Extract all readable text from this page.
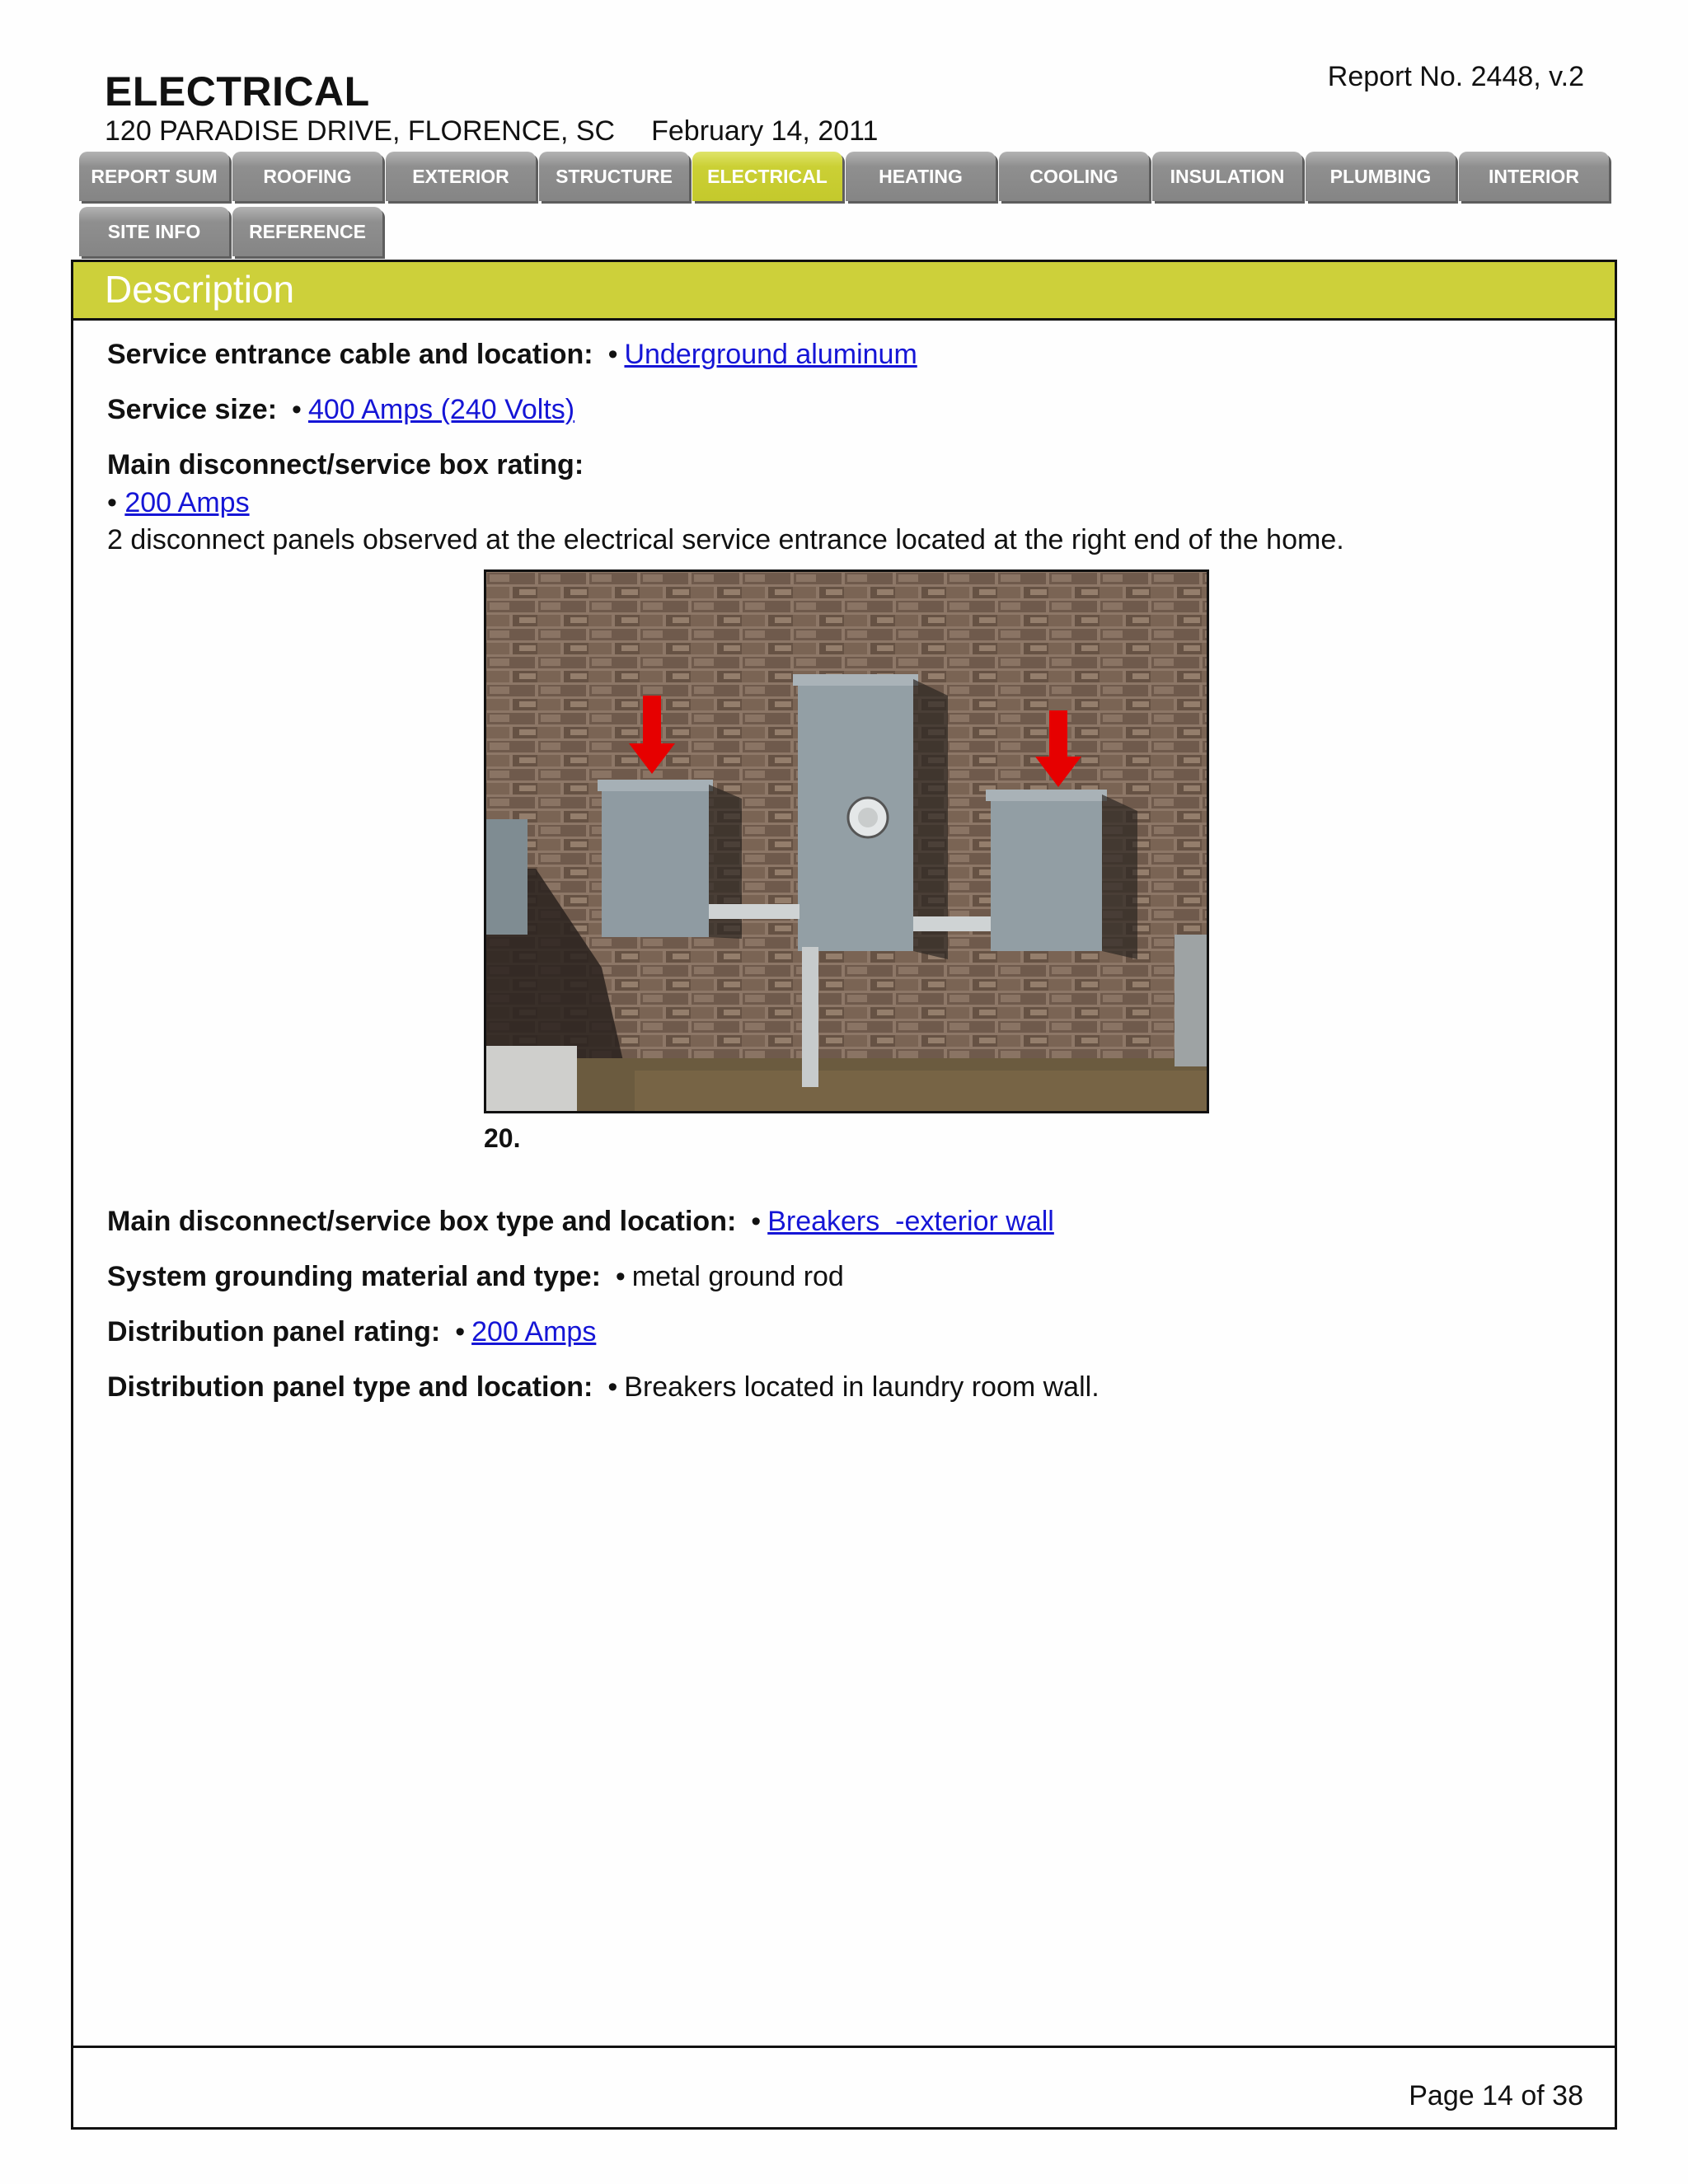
ELECTRICAL	Report No. 2448, v.2
120 PARADISE DRIVE, FLORENCE, SC February 14, 2011
REPORT SUM	ROOFING	EXTERIOR	STRUCTURE	ELECTRICAL	HEATING	COOLING	INSULATION	PLUMBING	INTERIOR
SITE INFO	REFERENCE
Description
Service entrance cable and location: • Underground aluminum
Service size: • 400 Amps (240 Volts)
Main disconnect/service box rating:
• 200 Amps
2 disconnect panels observed at the electrical service entrance located at the right end of the home.
20.
Main disconnect/service box type and location: • Breakers  -exterior wall
System grounding material and type: • metal ground rod
Distribution panel rating: • 200 Amps
Distribution panel type and location: • Breakers located in laundry room wall.
Page 14 of 38
